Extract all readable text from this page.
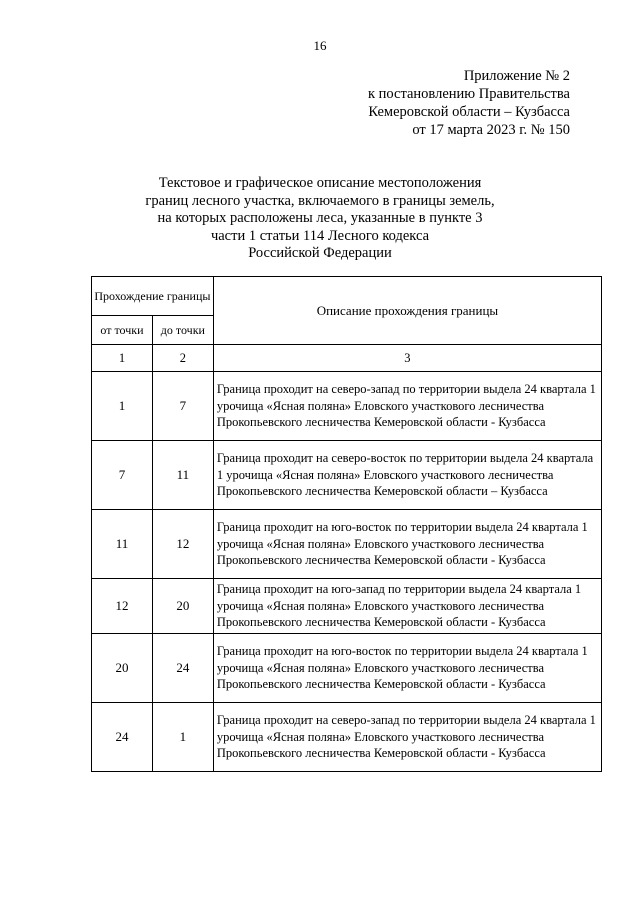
16
Приложение № 2
к постановлению Правительства
Кемеровской области – Кузбасса
от 17 марта 2023 г. № 150
Текстовое и графическое описание местоположения
границ лесного участка, включаемого в границы земель,
на которых расположены леса, указанные в пункте 3
части 1 статьи 114 Лесного кодекса
Российской Федерации
Прохождение границы		Описание прохождения границы
от точки	до точки	
1	2	3
1	7	Граница проходит на северо-запад по территории выдела 24 квартала 1 урочища «Ясная поляна» Еловского участкового лесничества Прокопьевского лесничества Кемеровской области - Кузбасса
7	11	Граница проходит на северо-восток по территории выдела 24 квартала 1 урочища «Ясная поляна» Еловского участкового лесничества Прокопьевского лесничества Кемеровской области – Кузбасса
11	12	Граница проходит на юго-восток по территории выдела 24 квартала 1 урочища «Ясная поляна» Еловского участкового лесничества Прокопьевского лесничества Кемеровской области - Кузбасса
12	20	Граница проходит на юго-запад по территории выдела 24 квартала 1 урочища «Ясная поляна» Еловского участкового лесничества Прокопьевского лесничества Кемеровской области - Кузбасса
20	24	Граница проходит на юго-восток по территории выдела 24 квартала 1 урочища «Ясная поляна» Еловского участкового лесничества Прокопьевского лесничества Кемеровской области - Кузбасса
24	1	Граница проходит на северо-запад по территории выдела 24 квартала 1 урочища «Ясная поляна» Еловского участкового лесничества Прокопьевского лесничества Кемеровской области - Кузбасса
